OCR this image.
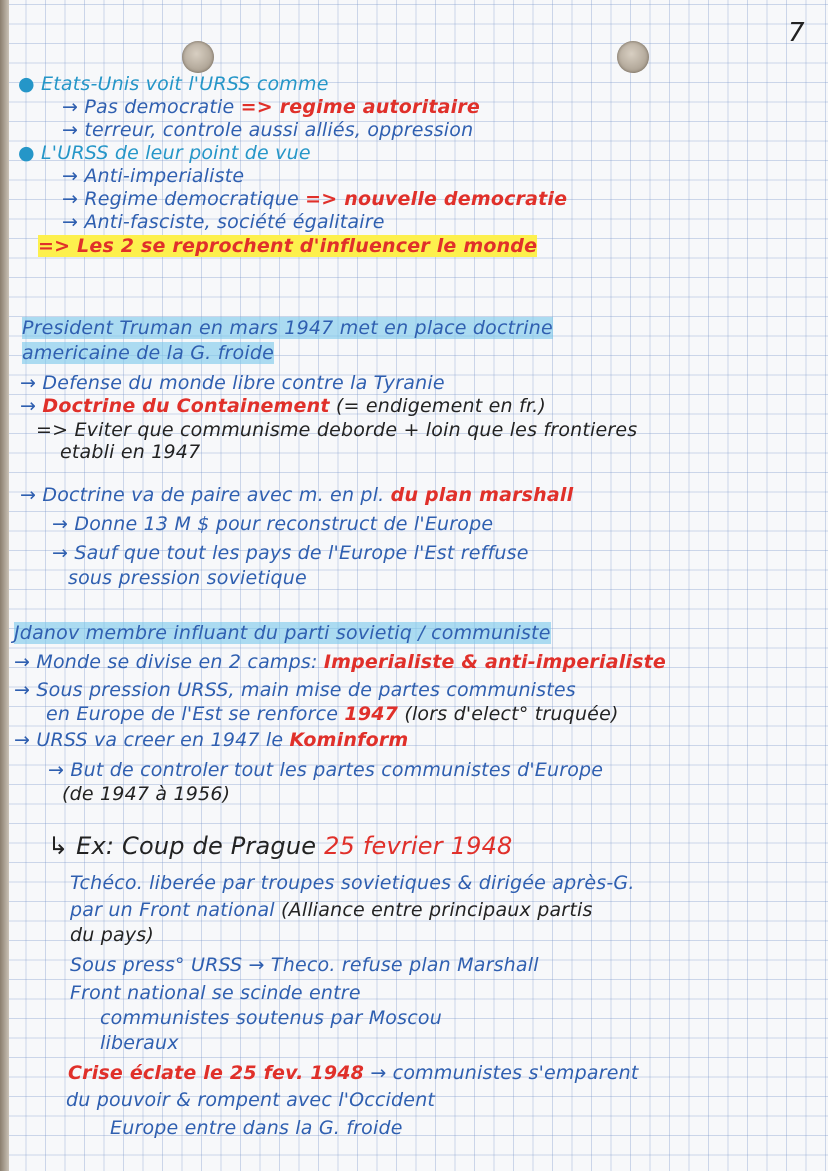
7
● Etats-Unis voit l'URSS comme
→ Pas democratie => regime autoritaire
→ terreur, controle aussi alliés, oppression
● L'URSS de leur point de vue
→ Anti-imperialiste
→ Regime democratique => nouvelle democratie
→ Anti-fasciste, société égalitaire
=> Les 2 se reprochent d'influencer le monde
President Truman en mars 1947 met en place doctrine
americaine de la G. froide
→ Defense du monde libre contre la Tyranie
→ Doctrine du Containement (= endigement en fr.)
=> Eviter que communisme deborde + loin que les frontieres
etabli en 1947
→ Doctrine va de paire avec m. en pl. du plan marshall
→ Donne 13 M $ pour reconstruct de l'Europe
→ Sauf que tout les pays de l'Europe l'Est reffuse
sous pression sovietique
Jdanov membre influant du parti sovietiq / communiste
→ Monde se divise en 2 camps: Imperialiste & anti-imperialiste
→ Sous pression URSS, main mise de partes communistes
en Europe de l'Est se renforce 1947 (lors d'elect° truquée)
→ URSS va creer en 1947 le Kominform
→ But de controler tout les partes communistes d'Europe
(de 1947 à 1956)
↳ Ex: Coup de Prague 25 fevrier 1948
Tchéco. liberée par troupes sovietiques & dirigée après-G.
par un Front national (Alliance entre principaux partis
du pays)
Sous press° URSS → Theco. refuse plan Marshall
Front national se scinde entre
communistes soutenus par Moscou
liberaux
Crise éclate le 25 fev. 1948 → communistes s'emparent
du pouvoir & rompent avec l'Occident
Europe entre dans la G. froide
